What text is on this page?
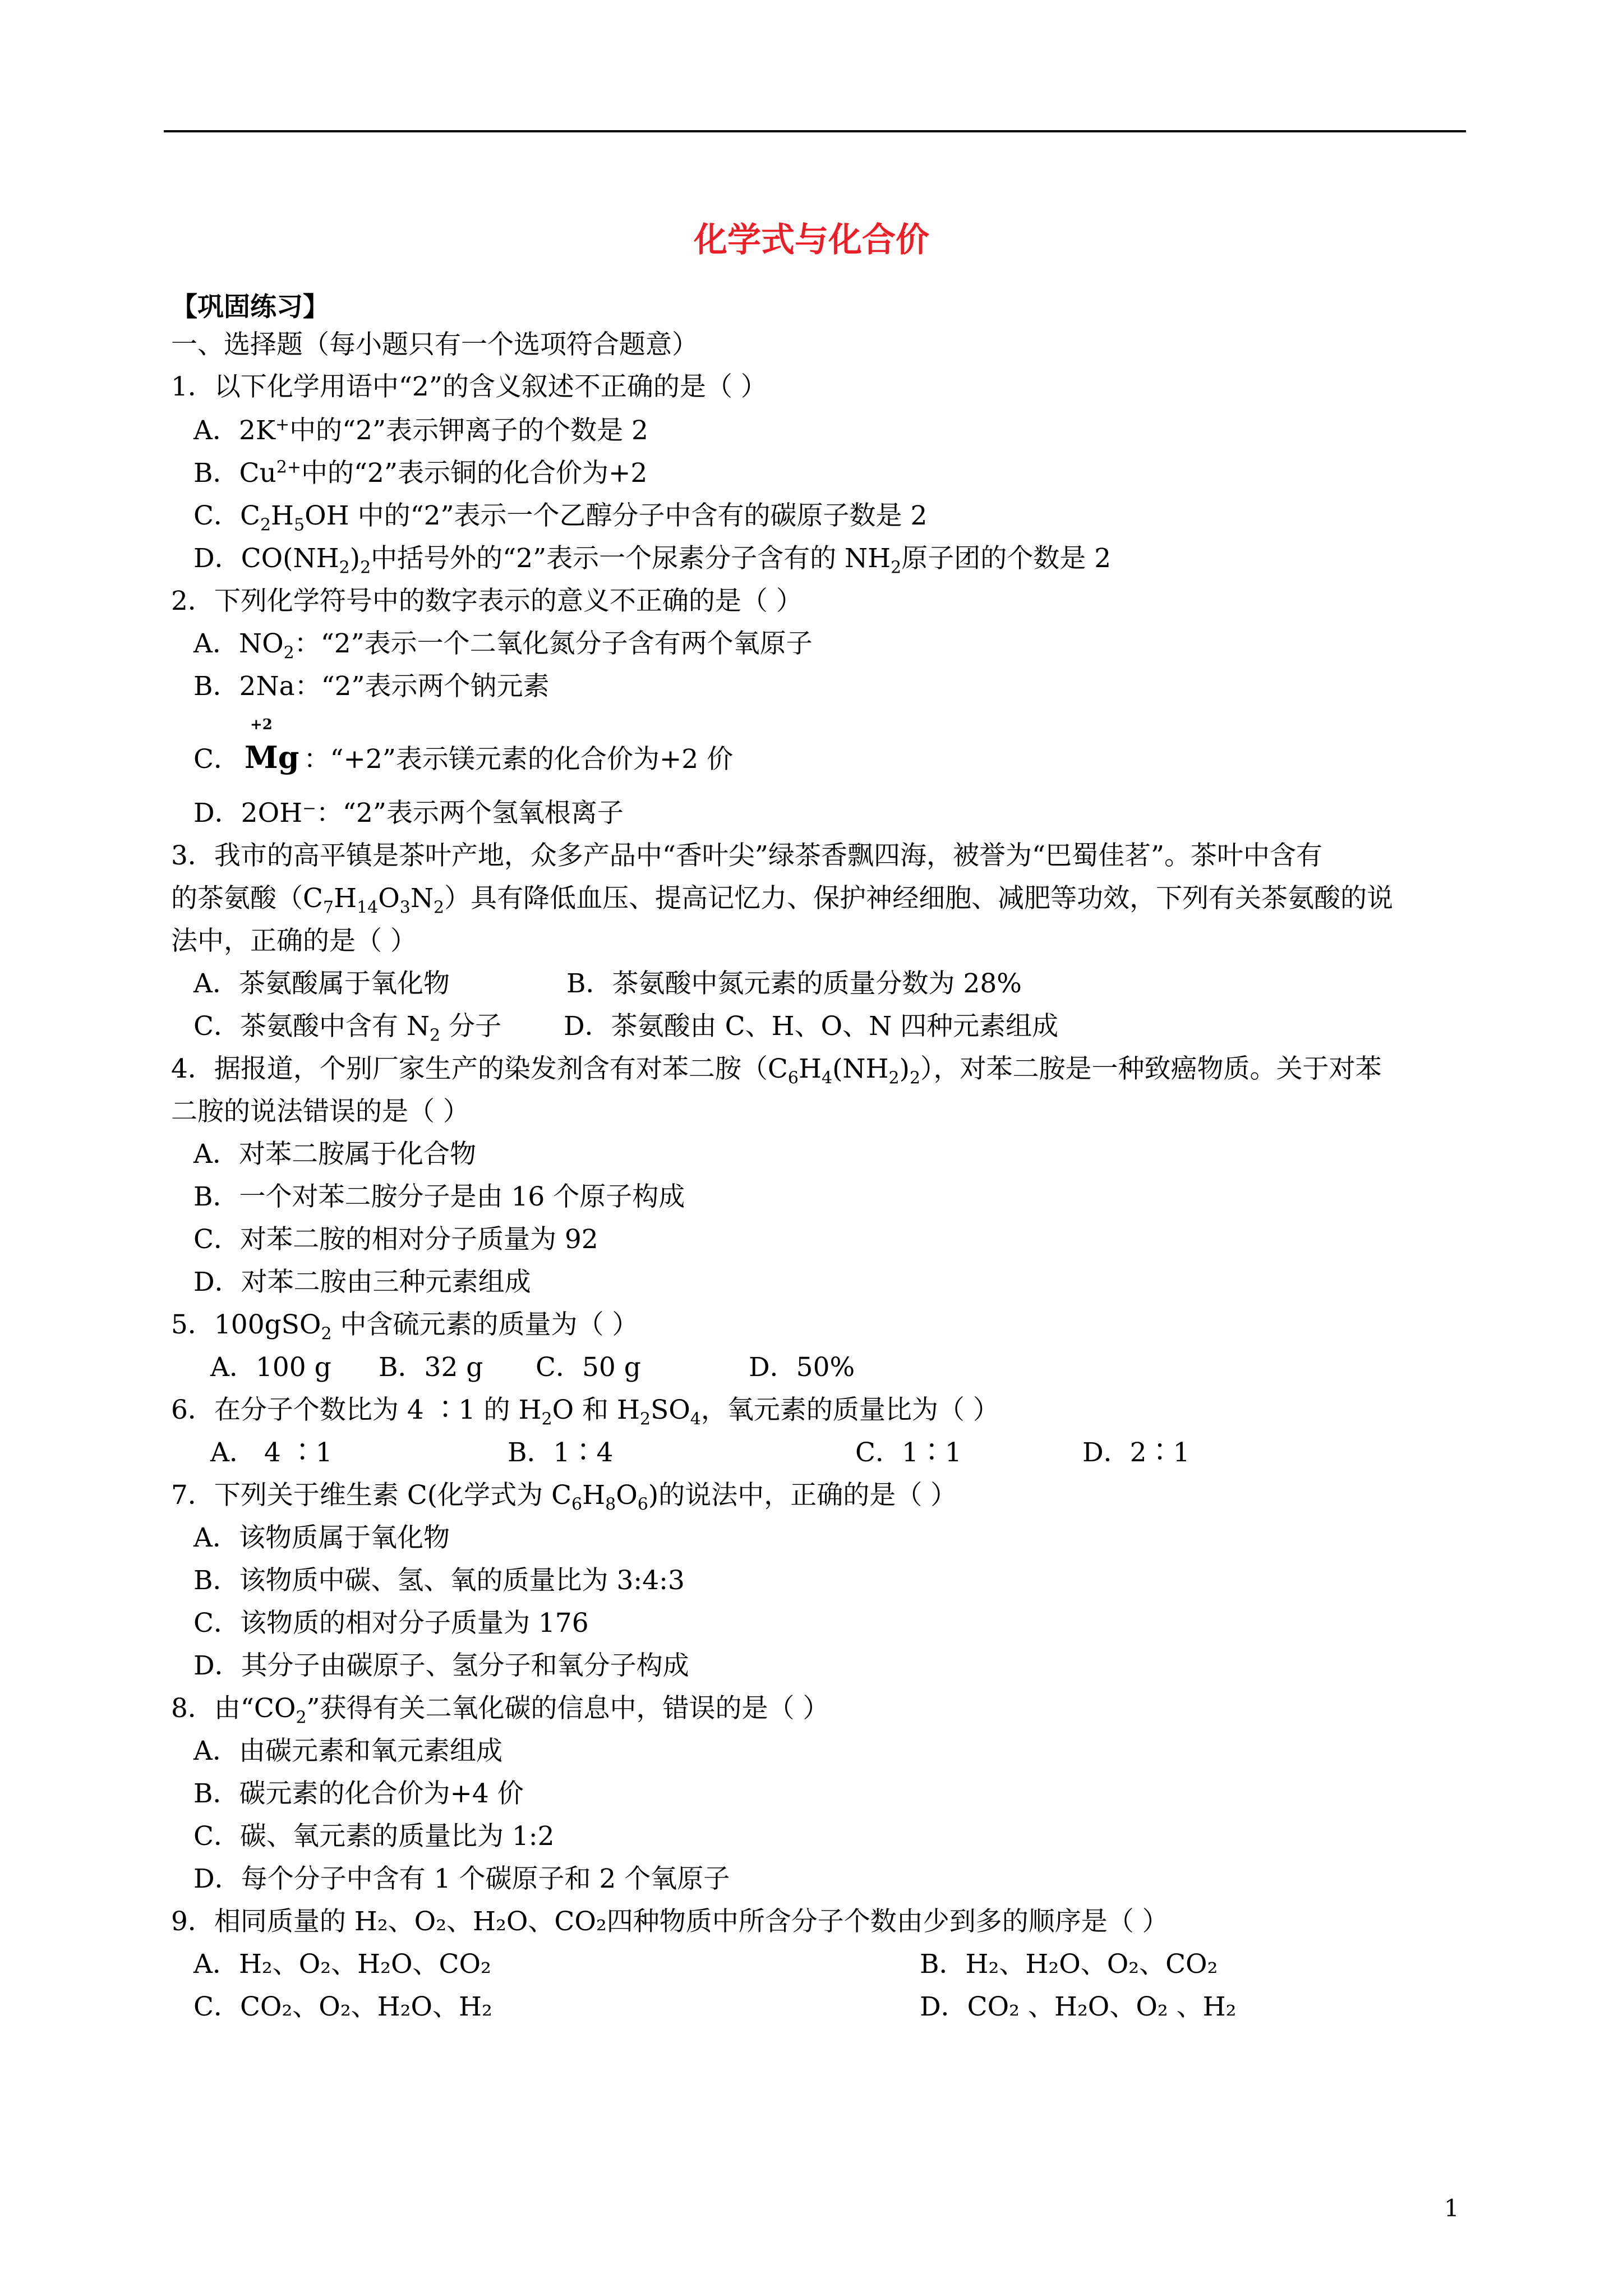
化学式与化合价
【巩固练习】
一、选择题（每小题只有一个选项符合题意）
1．以下化学用语中“2”的含义叙述不正确的是（ ）
A．2K+中的“2”表示钾离子的个数是 2
B．$Cu^{2+}$中的“2”表示铜的化合价为+2
C．$C_2H_5OH$ 中的“2”表示一个乙醇分子中含有的碳原子数是 2
D．$CO(NH_2)_2$中括号外的“2”表示一个尿素分子含有的 $NH_2$原子团的个数是 2
2．下列化学符号中的数字表示的意义不正确的是（ ）
A．$NO_2$：“2”表示一个二氧化氮分子含有两个氧原子
B．2Na：“2”表示两个钠元素
C．
+2
Mg ：“+2”表示镁元素的化合价为+2 价
D．2OH⁻：“2”表示两个氢氧根离子
3．我市的高平镇是茶叶产地，众多产品中“香叶尖”绿茶香飘四海，被誉为“巴蜀佳茗”。茶叶中含有
的茶氨酸$(C_7H_{14}O_3N_2)$具有降低血压、提高记忆力、保护神经细胞、减肥等功效，下列有关茶氨酸的说
法中，正确的是（ ）
A．茶氨酸属于氧化物	B．茶氨酸中氮元素的质量分数为 28%
C．茶氨酸中含有 $N_2$ 分子 D．茶氨酸由 C、H、O、N 四种元素组成
4．据报道，个别厂家生产的染发剂含有对苯二胺$(C_6H_4(NH_2)_2)$，对苯二胺是一种致癌物质。关于对苯
二胺的说法错误的是（ ）
A．对苯二胺属于化合物
B．一个对苯二胺分子是由 16 个原子构成
C．对苯二胺的相对分子质量为 92
D．对苯二胺由三种元素组成
5．100gSO$_2$ 中含硫元素的质量为（ ）
A．100 g B．32 g C．50 g	D．50%
6．在分子个数比为 4 ∶1 的 $H_2O$ 和 $H_2SO_4$，氧元素的质量比为（ ）
A． 4 ∶1	B．1∶4	C．1∶1	D．2∶1
7．下列关于维生素 C(化学式为 $C_6H_8O_6$)的说法中，正确的是（ ）
A．该物质属于氧化物
B．该物质中碳、氢、氧的质量比为 3:4:3
C．该物质的相对分子质量为 176
D．其分子由碳原子、氢分子和氧分子构成
8．由“$CO_2$”获得有关二氧化碳的信息中，错误的是（ ）
A．由碳元素和氧元素组成
B．碳元素的化合价为+4 价
C．碳、氧元素的质量比为 1:2
D．每个分子中含有 1 个碳原子和 2 个氧原子
9．相同质量的 H₂、O₂、H₂O、CO₂四种物质中所含分子个数由少到多的顺序是（ ）
A．H₂、O₂、H₂O、CO₂	B．H₂、H₂O、O₂、CO₂
C．CO₂、O₂、H₂O、H₂	D．CO₂ 、H₂O、O₂ 、H₂
1
